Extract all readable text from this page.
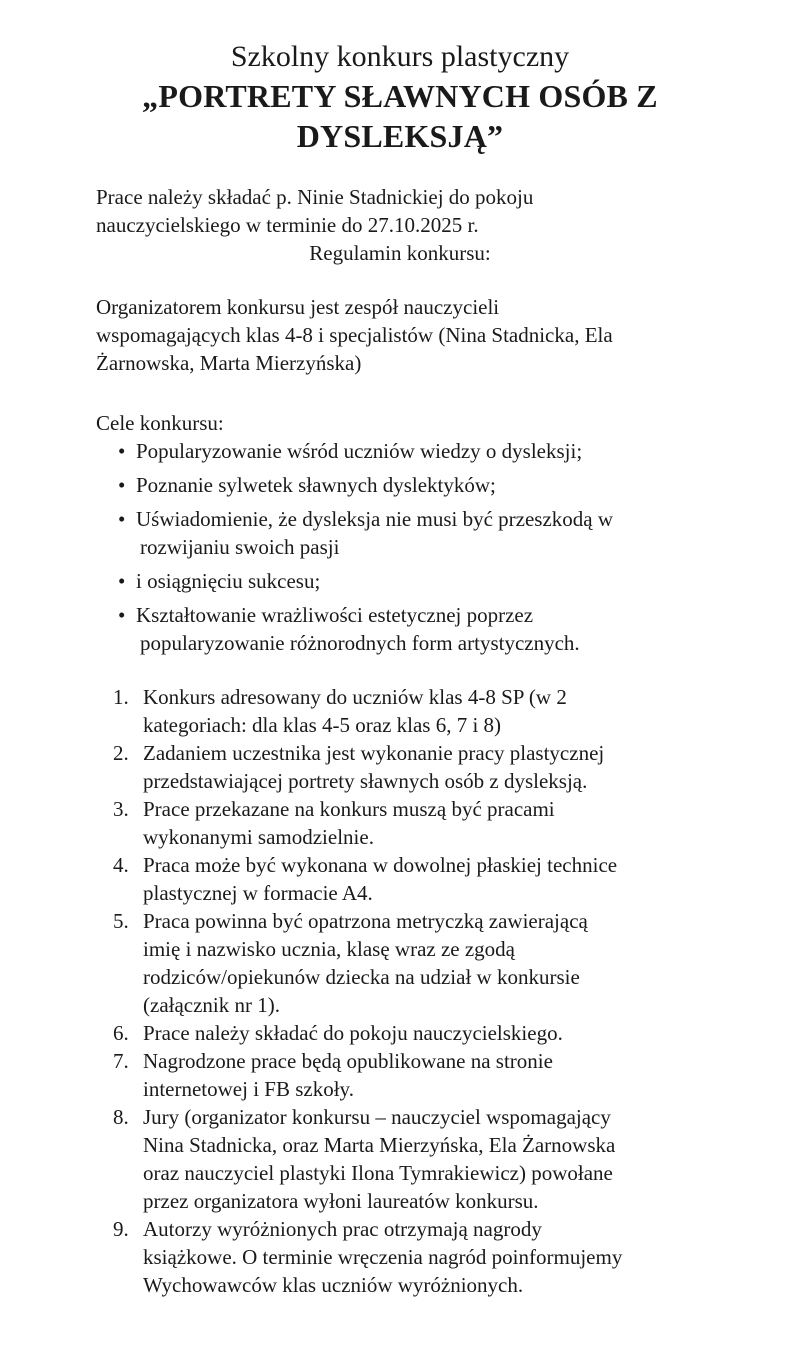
Szkolny konkurs plastyczny

„PORTRETY SŁAWNYCH OSÓB Z

DYSLEKSJĄ”

Prace należy składać p. Ninie Stadnickiej do pokoju
nauczycielskiego w terminie do 27.10.2025 r.
Regulamin konkursu:
Organizatorem konkursu jest zespół nauczycieli
wspomagających klas 4-8 i specjalistów (Nina Stadnicka, Ela
Żarnowska, Marta Mierzyńska)
Cele konkursu:
• Popularyzowanie wśród uczniów wiedzy o dysleksji;
• Poznanie sylwetek sławnych dyslektyków;
• Uświadomienie, że dysleksja nie musi być przeszkodą w
rozwijaniu swoich pasji
• i osiągnięciu sukcesu;
• Kształtowanie wrażliwości estetycznej poprzez
popularyzowanie różnorodnych form artystycznych.
1. Konkurs adresowany do uczniów klas 4-8 SP (w 2
kategoriach: dla klas 4-5 oraz klas 6, 7 i 8)
2. Zadaniem uczestnika jest wykonanie pracy plastycznej
przedstawiającej portrety sławnych osób z dysleksją.
3. Prace przekazane na konkurs muszą być pracami
wykonanymi samodzielnie.
4. Praca może być wykonana w dowolnej płaskiej technice
plastycznej w formacie A4.
5. Praca powinna być opatrzona metryczką zawierającą
imię i nazwisko ucznia, klasę wraz ze zgodą
rodziców/opiekunów dziecka na udział w konkursie
(załącznik nr 1).
6. Prace należy składać do pokoju nauczycielskiego.
7. Nagrodzone prace będą opublikowane na stronie
internetowej i FB szkoły.
8. Jury (organizator konkursu – nauczyciel wspomagający
Nina Stadnicka, oraz Marta Mierzyńska, Ela Żarnowska
oraz nauczyciel plastyki Ilona Tymrakiewicz) powołane
przez organizatora wyłoni laureatów konkursu.
9. Autorzy wyróżnionych prac otrzymają nagrody
książkowe. O terminie wręczenia nagród poinformujemy
Wychowawców klas uczniów wyróżnionych.
